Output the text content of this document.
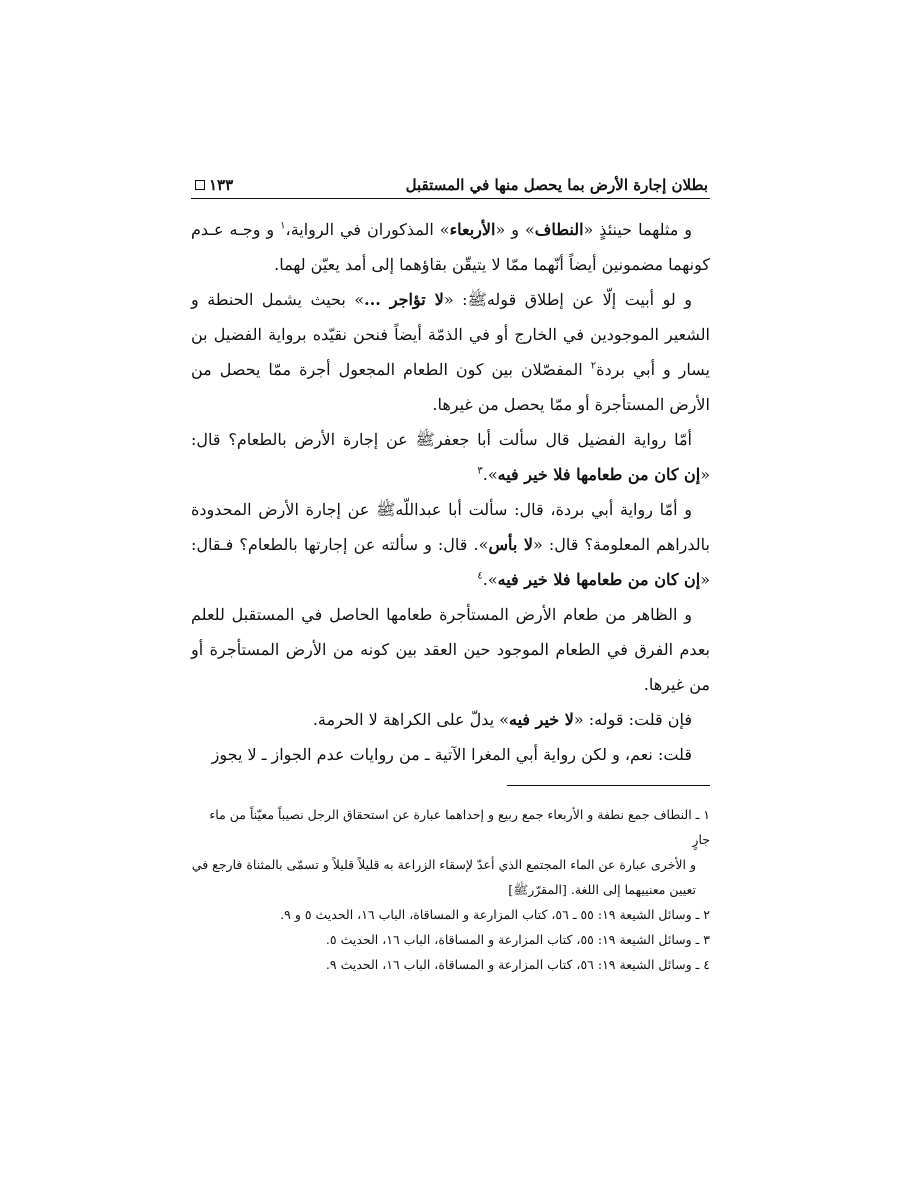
بطلان إجارة الأرض بما يحصل منها في المستقبل
١٣٣

و مثلهما حينئذٍ «النطاف» و «الأربعاء» المذكوران في الرواية،$^١$ و وجـه عـدم كونهما مضمونين أيضاً أنّهما ممّا لا يتيقّن بقاؤهما إلى أمد يعيّن لهما.

و لو أبيت إلّا عن إطلاق قولهﷺ: «لا تؤاجر ...» بحيث يشمل الحنطة و الشعير الموجودين في الخارج أو في الذمّة أيضاً فنحن نقيّده برواية الفضيل بن يسار و أبي بردة$^٢$ المفصّلان بين كون الطعام المجعول أجرة ممّا يحصل من الأرض المستأجرة أو ممّا يحصل من غيرها.

أمّا رواية الفضيل قال سألت أبا جعفرﷺ عن إجارة الأرض بالطعام؟ قال: «إن كان من طعامها فلا خير فيه».$^٣$

و أمّا رواية أبي بردة، قال: سألت أبا عبداللّهﷺ عن إجارة الأرض المحدودة بالدراهم المعلومة؟ قال: «لا بأس». قال: و سألته عن إجارتها بالطعام؟ فـقال: «إن كان من طعامها فلا خير فيه».$^٤$

و الظاهر من طعام الأرض المستأجرة طعامها الحاصل في المستقبل للعلم بعدم الفرق في الطعام الموجود حين العقد بين كونه من الأرض المستأجرة أو من غيرها.

فإن قلت: قوله: «لا خير فيه» يدلّ على الكراهة لا الحرمة.

قلت: نعم، و لكن رواية أبي المغرا الآتية ـ من روايات عدم الجواز ـ لا يجوز

١ ـ النطاف جمع نطفة و الأربعاء جمع ربيع و إحداهما عبارة عن استحقاق الرجل نصيباً معيّناً من ماء جارٍ

و الأخرى عبارة عن الماء المجتمع الذي أعدّ لإسقاء الزراعة به قليلاً قليلاً و تسمّى بالمثناة فارجع في

تعيين معنييهما إلى اللغة. [المقرّرﷺ]

٢ ـ وسائل الشيعة ١٩: ٥٥ ـ ٥٦، كتاب المزارعة و المساقاة، الباب ١٦، الحديث ٥ و ٩.

٣ ـ وسائل الشيعة ١٩: ٥٥، كتاب المزارعة و المساقاة، الباب ١٦، الحديث ٥.

٤ ـ وسائل الشيعة ١٩: ٥٦، كتاب المزارعة و المساقاة، الباب ١٦، الحديث ٩.
